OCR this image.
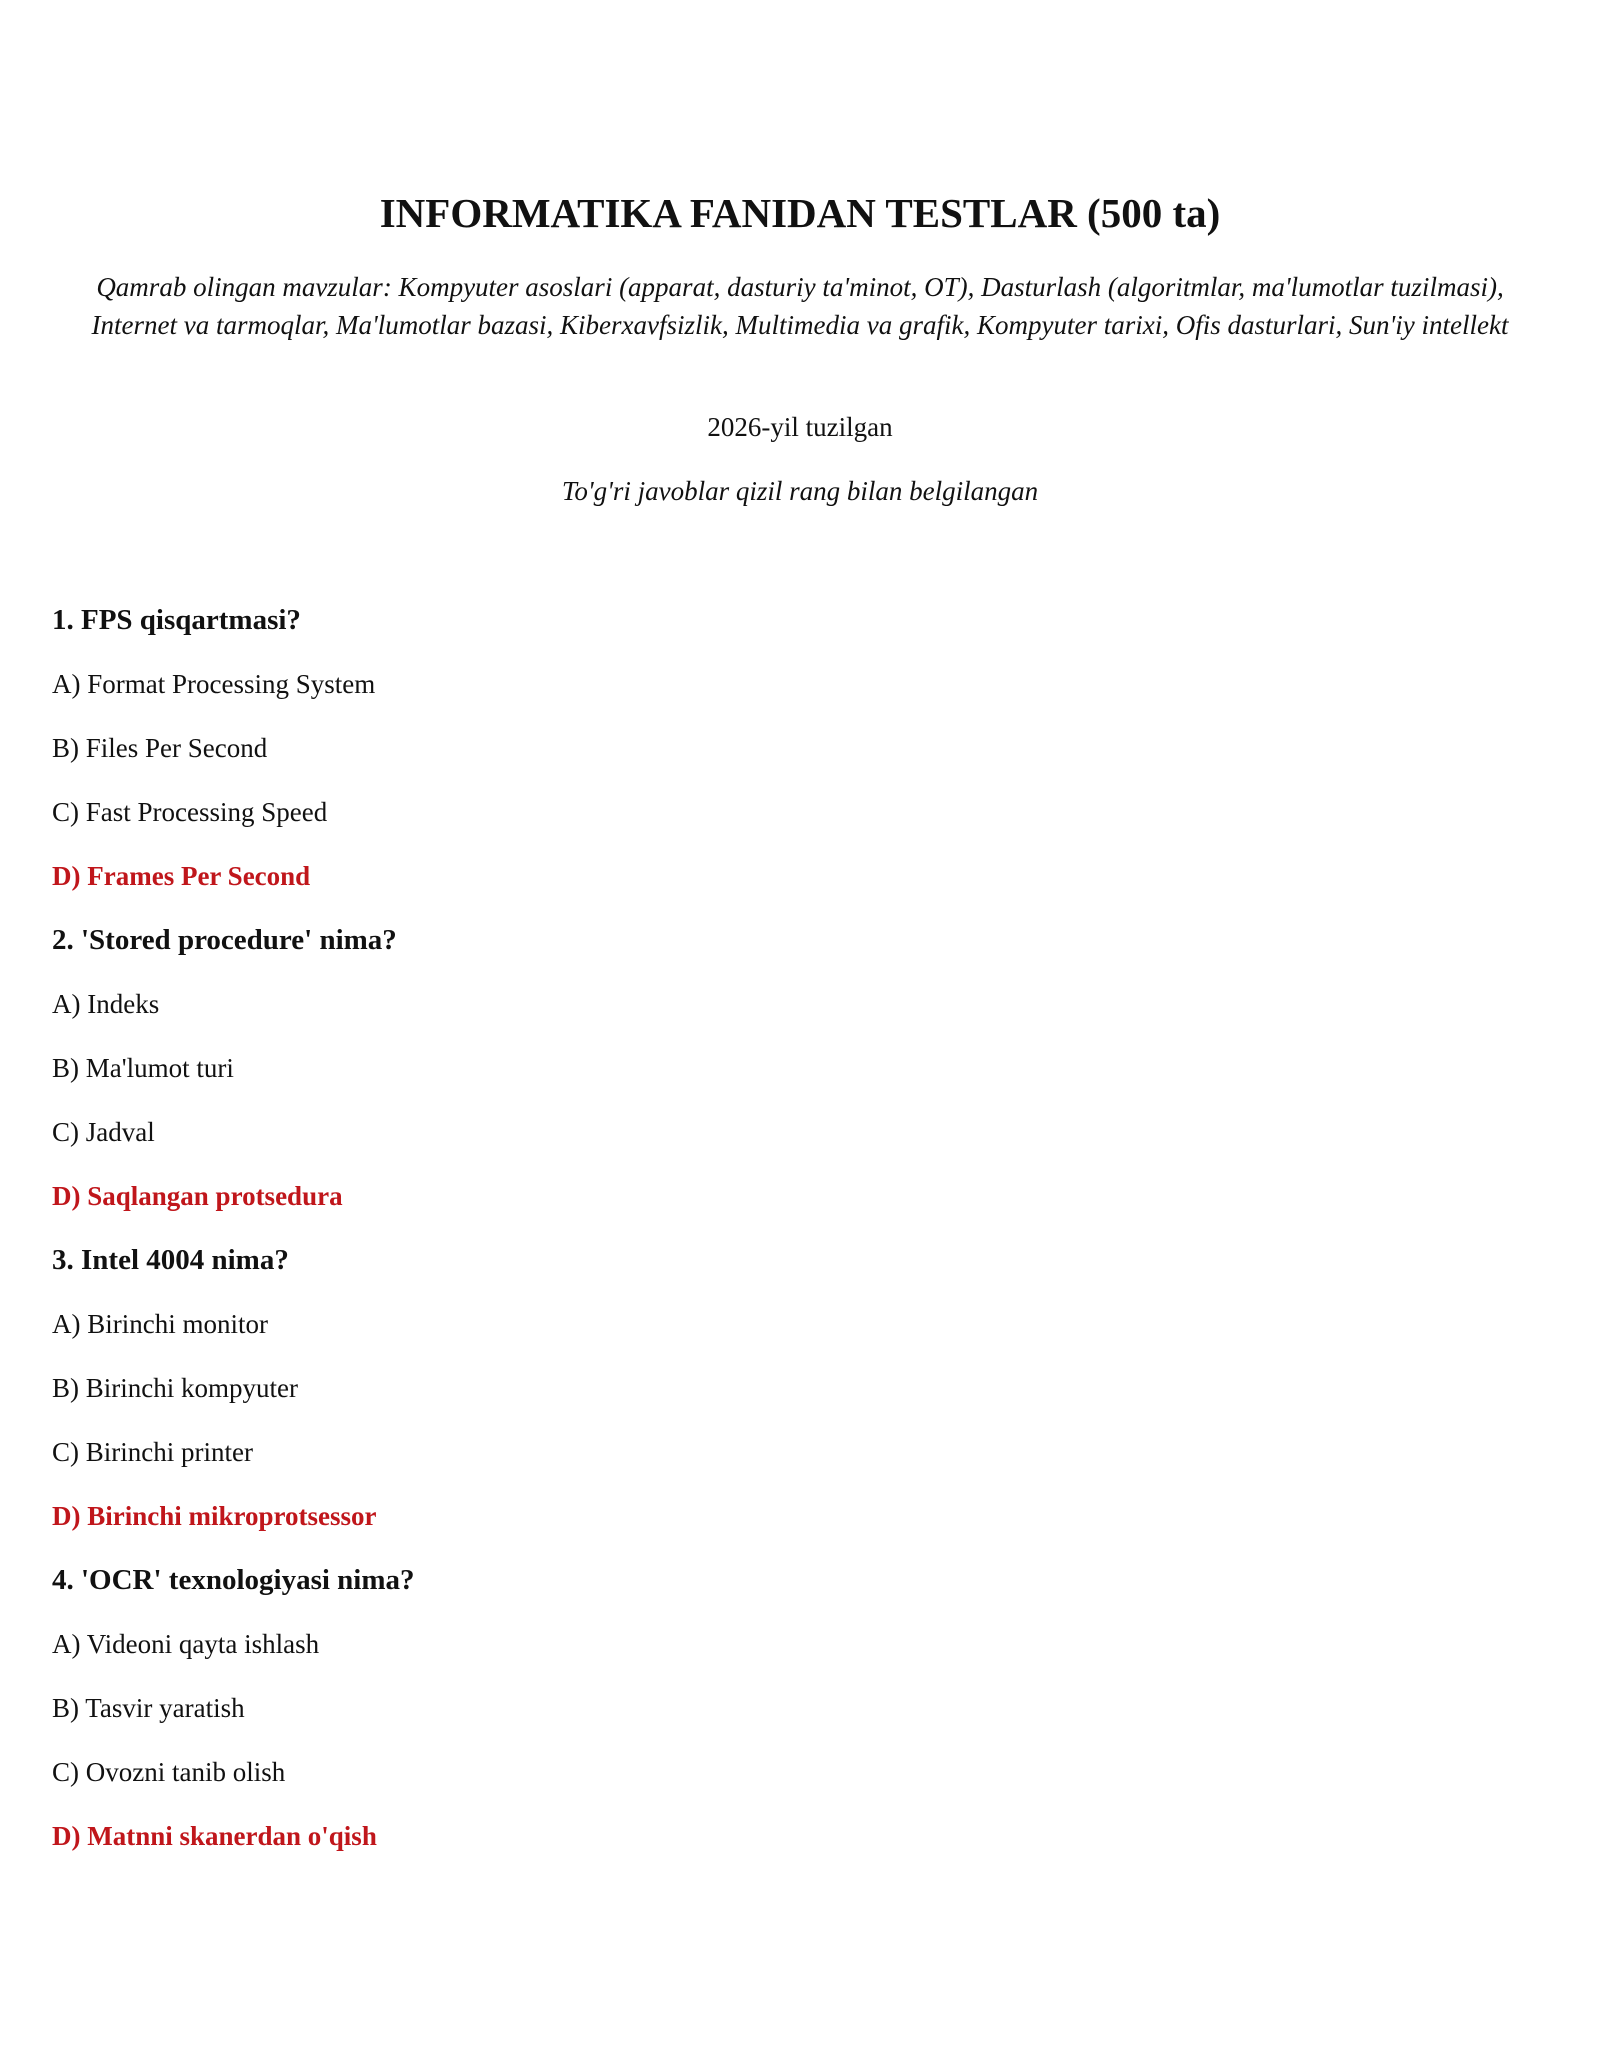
INFORMATIKA FANIDAN TESTLAR (500 ta)

Qamrab olingan mavzular: Kompyuter asoslari (apparat, dasturiy ta'minot, OT), Dasturlash (algoritmlar, ma'lumotlar tuzilmasi), Internet va tarmoqlar, Ma'lumotlar bazasi, Kiberxavfsizlik, Multimedia va grafik, Kompyuter tarixi, Ofis dasturlari, Sun'iy intellekt

2026-yil tuzilgan

To'g'ri javoblar qizil rang bilan belgilangan

1. FPS qisqartmasi?
A) Format Processing System
B) Files Per Second
C) Fast Processing Speed
D) Frames Per Second
2. 'Stored procedure' nima?
A) Indeks
B) Ma'lumot turi
C) Jadval
D) Saqlangan protsedura
3. Intel 4004 nima?
A) Birinchi monitor
B) Birinchi kompyuter
C) Birinchi printer
D) Birinchi mikroprotsessor
4. 'OCR' texnologiyasi nima?
A) Videoni qayta ishlash
B) Tasvir yaratish
C) Ovozni tanib olish
D) Matnni skanerdan o'qish
